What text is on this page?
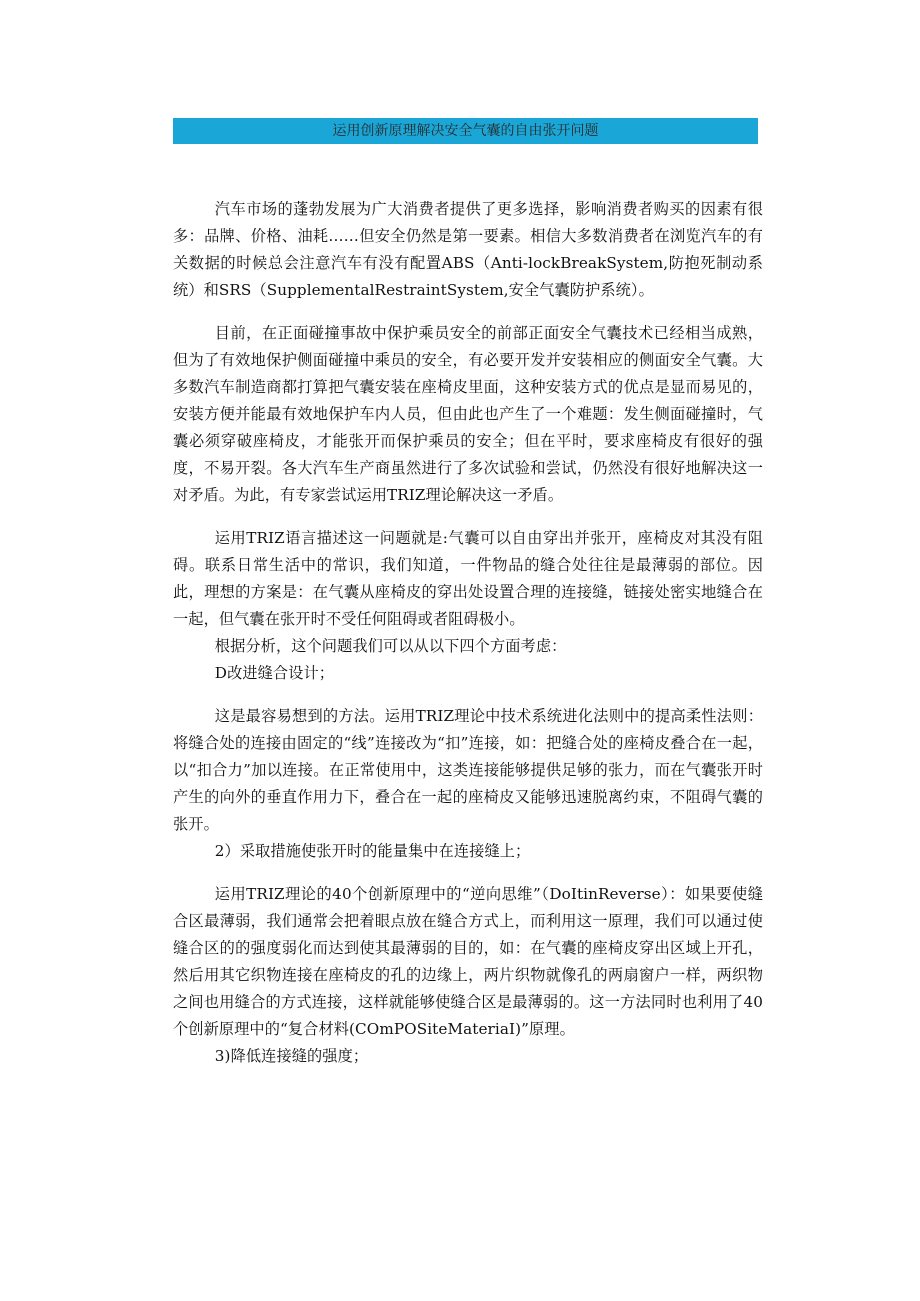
运用创新原理解决安全气囊的自由张开问题

汽车市场的蓬勃发展为广大消费者提供了更多选择，影响消费者购买的因素有很多：品牌、价格、油耗……但安全仍然是第一要素。相信大多数消费者在浏览汽车的有关数据的时候总会注意汽车有没有配置ABS（Anti-lockBreakSystem,防抱死制动系统）和SRS（SupplementalRestraintSystem,安全气囊防护系统）。

目前，在正面碰撞事故中保护乘员安全的前部正面安全气囊技术已经相当成熟，但为了有效地保护侧面碰撞中乘员的安全，有必要开发并安装相应的侧面安全气囊。大多数汽车制造商都打算把气囊安装在座椅皮里面，这种安装方式的优点是显而易见的，安装方便并能最有效地保护车内人员，但由此也产生了一个难题：发生侧面碰撞时，气囊必须穿破座椅皮，才能张开而保护乘员的安全；但在平时，要求座椅皮有很好的强度，不易开裂。各大汽车生产商虽然进行了多次试验和尝试，仍然没有很好地解决这一对矛盾。为此，有专家尝试运用TRIZ理论解决这一矛盾。

运用TRIZ语言描述这一问题就是:气囊可以自由穿出并张开，座椅皮对其没有阻碍。联系日常生活中的常识，我们知道，一件物品的缝合处往往是最薄弱的部位。因此，理想的方案是：在气囊从座椅皮的穿出处设置合理的连接缝，链接处密实地缝合在一起，但气囊在张开时不受任何阻碍或者阻碍极小。

根据分析，这个问题我们可以从以下四个方面考虑：

D改进缝合设计；

这是最容易想到的方法。运用TRIZ理论中技术系统进化法则中的提高柔性法则：将缝合处的连接由固定的“线”连接改为“扣”连接，如：把缝合处的座椅皮叠合在一起，以“扣合力”加以连接。在正常使用中，这类连接能够提供足够的张力，而在气囊张开时产生的向外的垂直作用力下，叠合在一起的座椅皮又能够迅速脱离约束，不阻碍气囊的张开。

2）采取措施使张开时的能量集中在连接缝上；

运用TRIZ理论的40个创新原理中的“逆向思维”（DoItinReverse）：如果要使缝合区最薄弱，我们通常会把着眼点放在缝合方式上，而利用这一原理，我们可以通过使缝合区的的强度弱化而达到使其最薄弱的目的，如：在气囊的座椅皮穿出区域上开孔，然后用其它织物连接在座椅皮的孔的边缘上，两片织物就像孔的两扇窗户一样，两织物之间也用缝合的方式连接，这样就能够使缝合区是最薄弱的。这一方法同时也利用了40个创新原理中的“复合材料(COmPOSiteMateriaI)”原理。

3)降低连接缝的强度；
